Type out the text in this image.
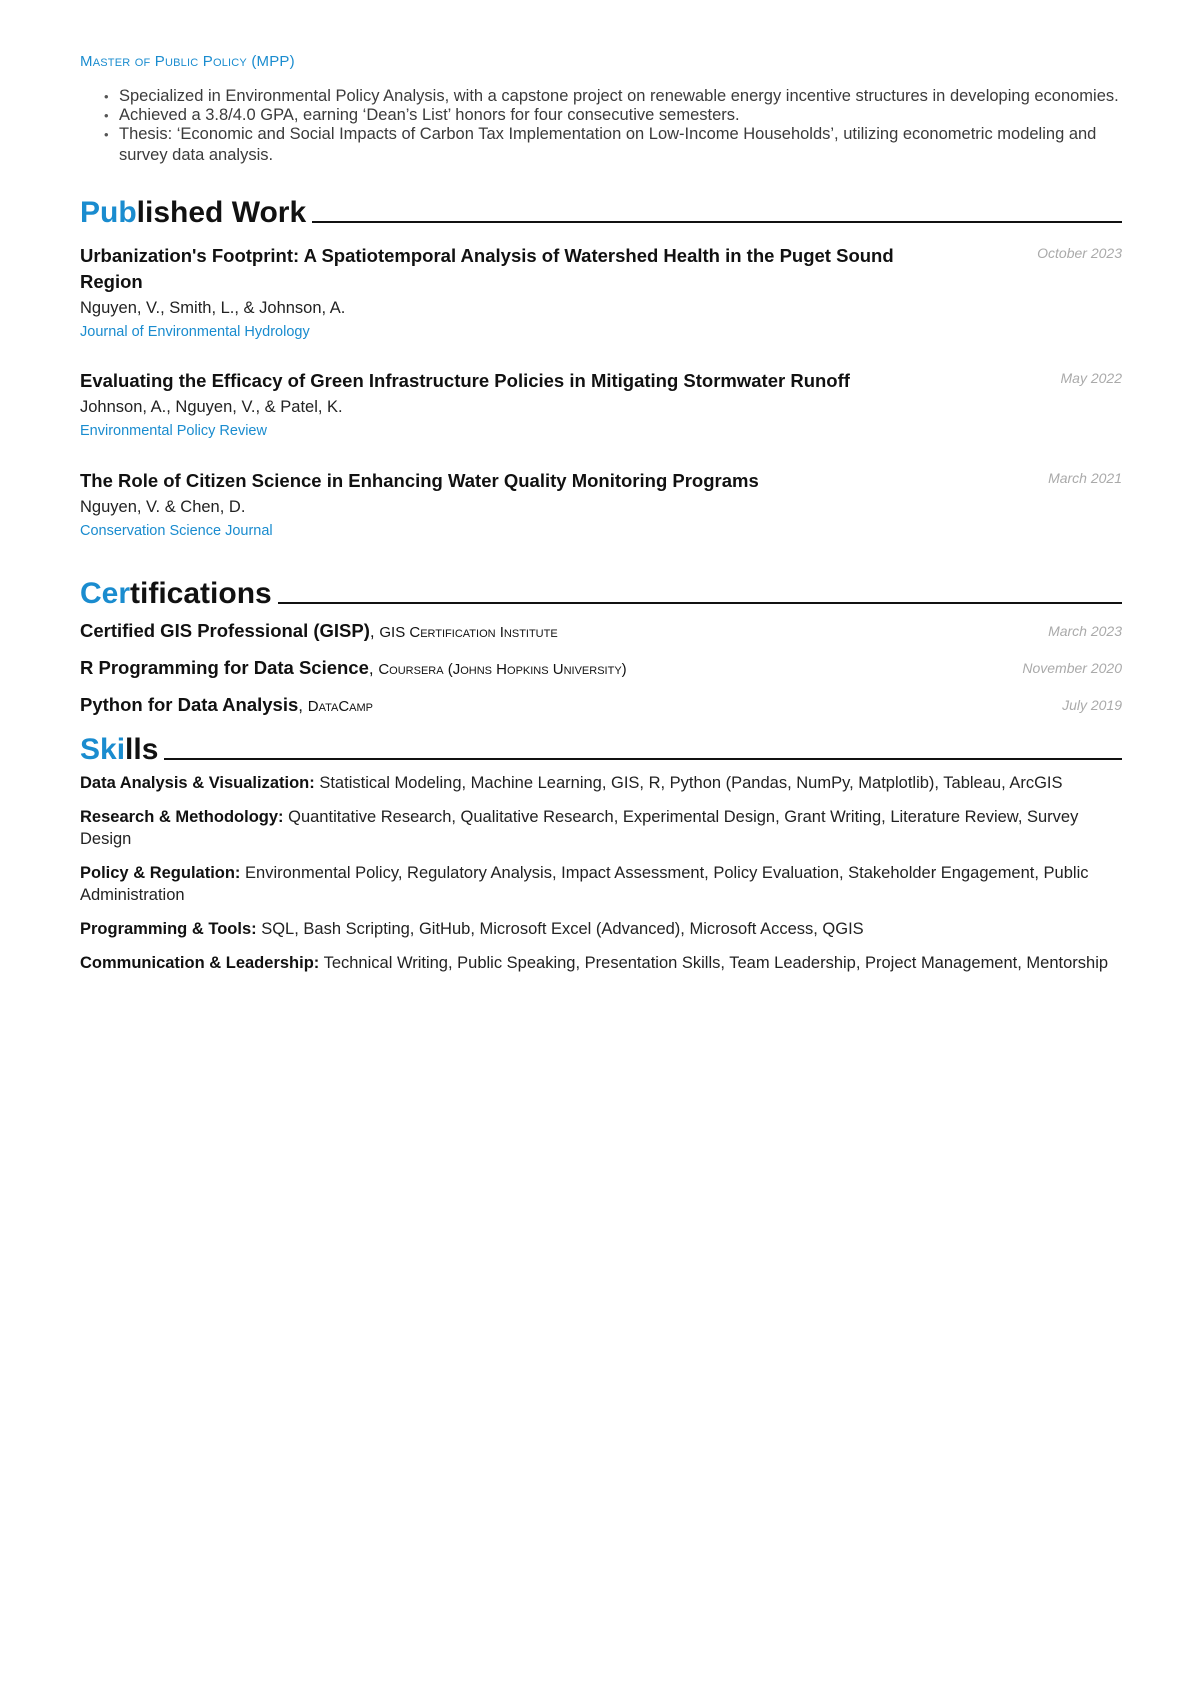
Master of Public Policy (MPP)
• Specialized in Environmental Policy Analysis, with a capstone project on renewable energy incentive structures in developing economies.
• Achieved a 3.8/4.0 GPA, earning ‘Dean’s List’ honors for four consecutive semesters.
• Thesis: ‘Economic and Social Impacts of Carbon Tax Implementation on Low-Income Households’, utilizing econometric modeling and survey data analysis.
Published Work
Urbanization's Footprint: A Spatiotemporal Analysis of Watershed Health in the Puget Sound Region
Nguyen, V., Smith, L., & Johnson, A.
Journal of Environmental Hydrology
October 2023
Evaluating the Efficacy of Green Infrastructure Policies in Mitigating Stormwater Runoff
Johnson, A., Nguyen, V., & Patel, K.
Environmental Policy Review
May 2022
The Role of Citizen Science in Enhancing Water Quality Monitoring Programs
Nguyen, V. & Chen, D.
Conservation Science Journal
March 2021
Certifications
Certified GIS Professional (GISP), GIS Certification Institute	March 2023
R Programming for Data Science, Coursera (Johns Hopkins University)	November 2020
Python for Data Analysis, DataCamp	July 2019
Skills
Data Analysis & Visualization: Statistical Modeling, Machine Learning, GIS, R, Python (Pandas, NumPy, Matplotlib), Tableau, ArcGIS
Research & Methodology: Quantitative Research, Qualitative Research, Experimental Design, Grant Writing, Literature Review, Survey Design
Policy & Regulation: Environmental Policy, Regulatory Analysis, Impact Assessment, Policy Evaluation, Stakeholder Engagement, Public Administration
Programming & Tools: SQL, Bash Scripting, GitHub, Microsoft Excel (Advanced), Microsoft Access, QGIS
Communication & Leadership: Technical Writing, Public Speaking, Presentation Skills, Team Leadership, Project Management, Mentorship
